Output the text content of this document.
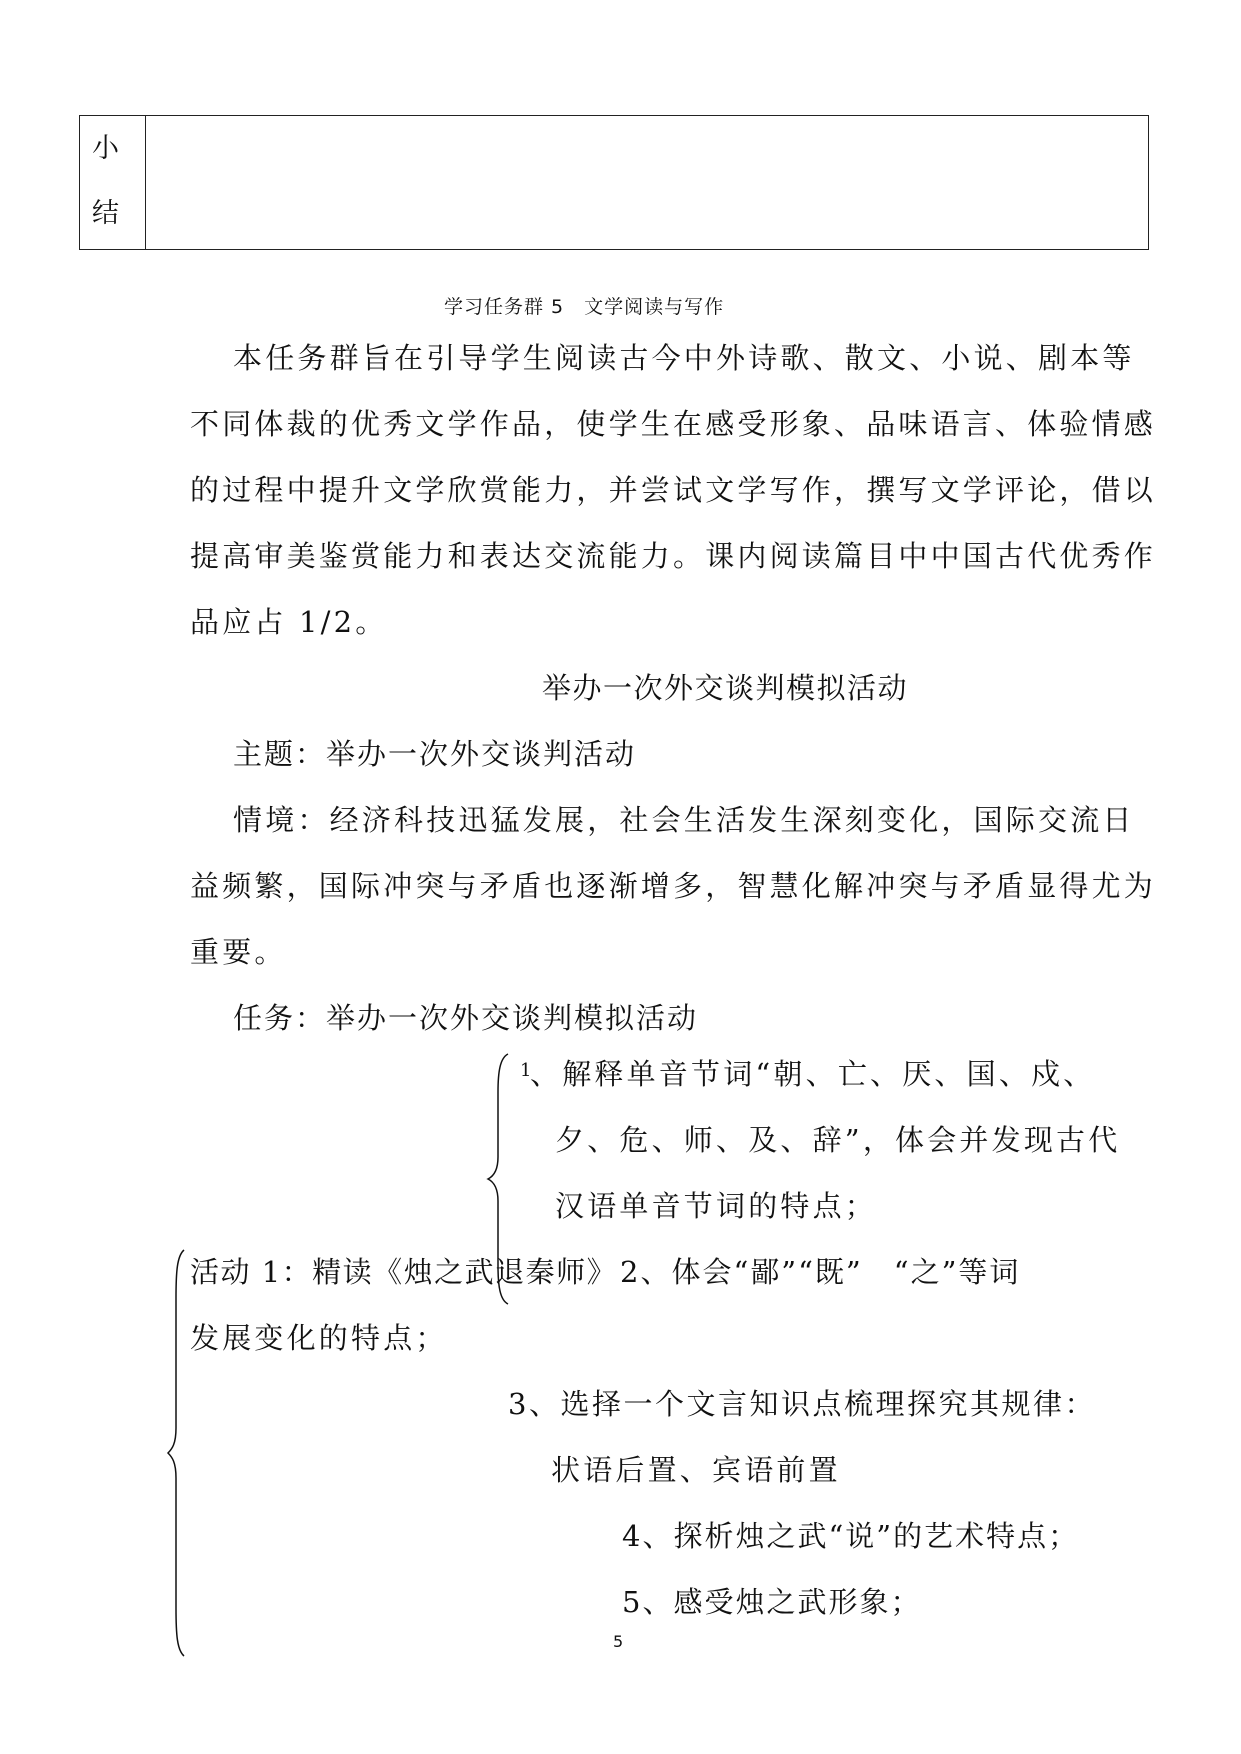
小
结
学习任务群 5　文学阅读与写作
本任务群旨在引导学生阅读古今中外诗歌、散文、小说、剧本等
不同体裁的优秀文学作品，使学生在感受形象、品味语言、体验情感
的过程中提升文学欣赏能力，并尝试文学写作，撰写文学评论，借以
提高审美鉴赏能力和表达交流能力。课内阅读篇目中中国古代优秀作
品应占 1/2。
举办一次外交谈判模拟活动
主题：举办一次外交谈判活动
情境：经济科技迅猛发展，社会生活发生深刻变化，国际交流日
益频繁，国际冲突与矛盾也逐渐增多，智慧化解冲突与矛盾显得尤为
重要。
任务：举办一次外交谈判模拟活动
1
、解释单音节词“朝、亡、厌、国、戍、
夕、危、师、及、辞”，体会并发现古代
汉语单音节词的特点；
活动 1：精读《烛之武退秦师》 2、体会“鄙”“既”　“之”等词
发展变化的特点；
3、选择一个文言知识点梳理探究其规律：
状语后置、宾语前置
4、探析烛之武“说”的艺术特点；
5、感受烛之武形象；
5
